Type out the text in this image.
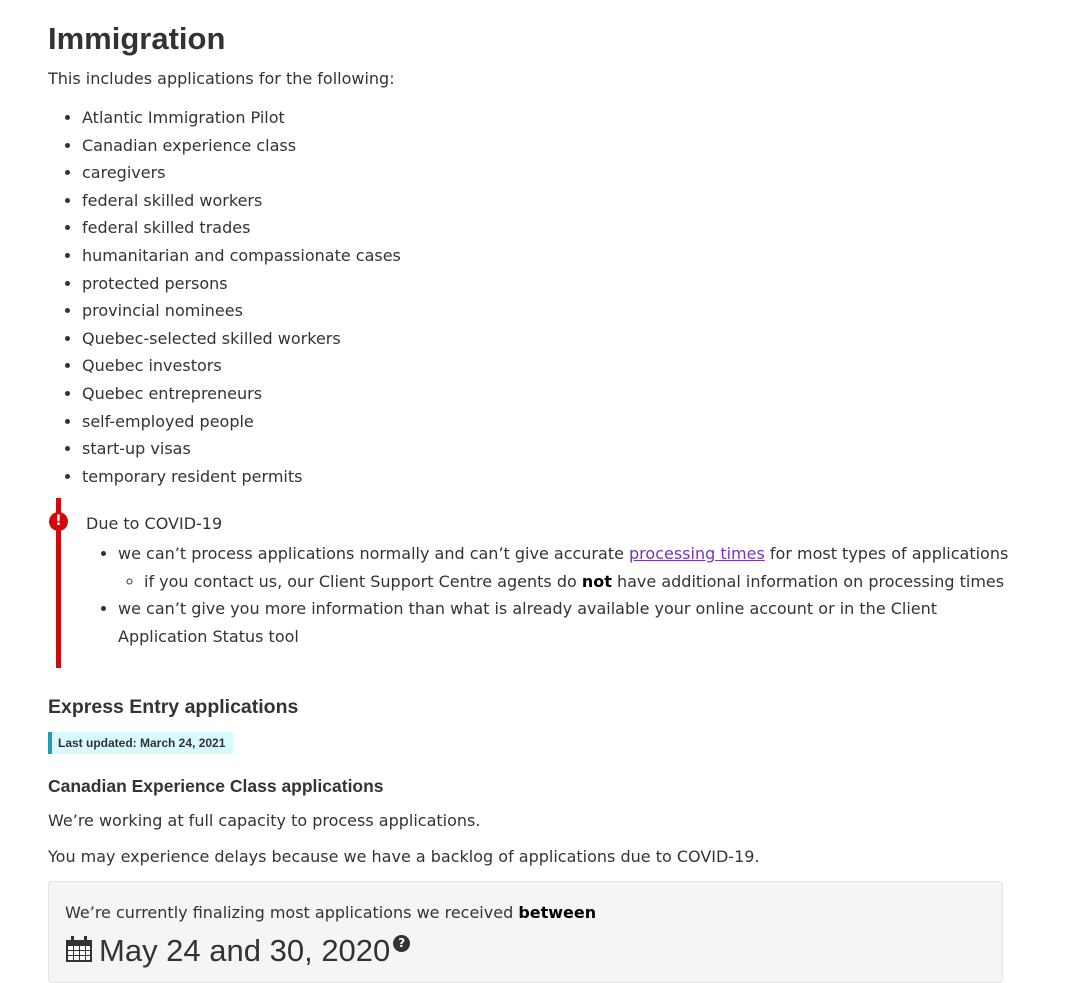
Immigration

This includes applications for the following:

• Atlantic Immigration Pilot
• Canadian experience class
• caregivers
• federal skilled workers
• federal skilled trades
• humanitarian and compassionate cases
• protected persons
• provincial nominees
• Quebec-selected skilled workers
• Quebec investors
• Quebec entrepreneurs
• self-employed people
• start-up visas
• temporary resident permits
!	Due to COVID-19

• we can’t process applications normally and can’t give accurate processing times for most types of applications
◦ if you contact us, our Client Support Centre agents do not have additional information on processing times
• we can’t give you more information than what is already available your online account or in the Client Application Status tool
Express Entry applications
Last updated: March 24, 2021
Canadian Experience Class applications

We’re working at full capacity to process applications.

You may experience delays because we have a backlog of applications due to COVID-19.

We’re currently finalizing most applications we received between

May 24 and 30, 2020 ?
